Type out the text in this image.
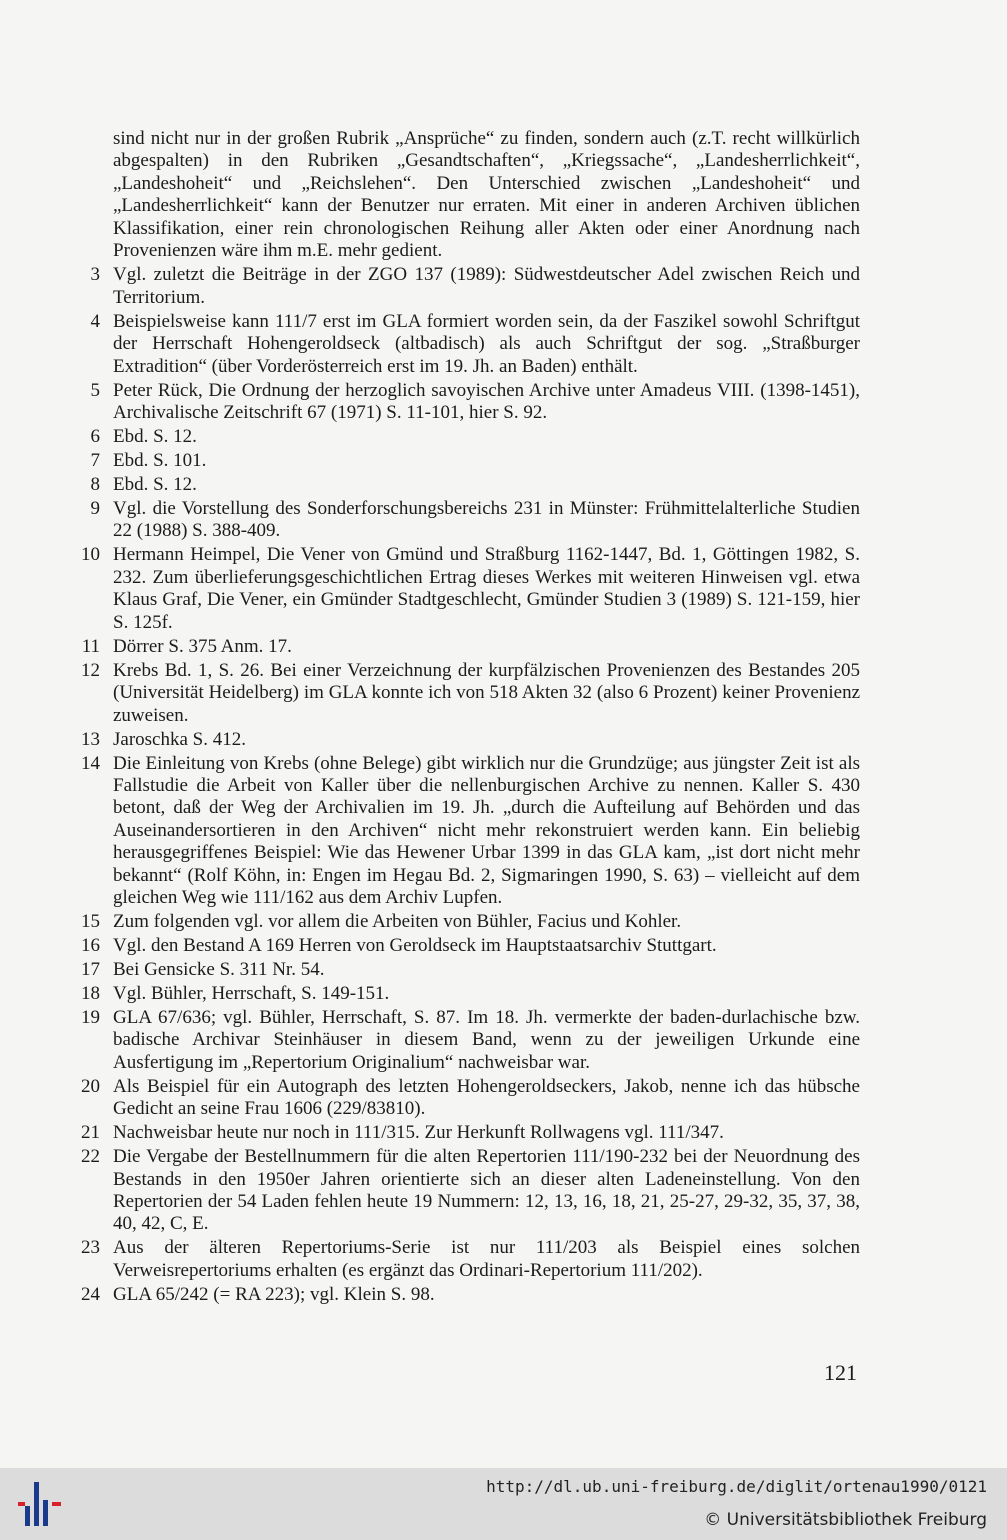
sind nicht nur in der großen Rubrik „Ansprüche“ zu finden, sondern auch (z.T. recht willkürlich abgespalten) in den Rubriken „Gesandtschaften“, „Kriegssache“, „Landesherrlichkeit“, „Landeshoheit“ und „Reichslehen“. Den Unterschied zwischen „Landeshoheit“ und „Landesherrlichkeit“ kann der Benutzer nur erraten. Mit einer in anderen Archiven üblichen Klassifikation, einer rein chronologischen Reihung aller Akten oder einer Anordnung nach Provenienzen wäre ihm m.E. mehr gedient.

3 Vgl. zuletzt die Beiträge in der ZGO 137 (1989): Südwestdeutscher Adel zwischen Reich und Territorium.
4 Beispielsweise kann 111/7 erst im GLA formiert worden sein, da der Faszikel sowohl Schriftgut der Herrschaft Hohengeroldseck (altbadisch) als auch Schriftgut der sog. „Straßburger Extradition“ (über Vorderösterreich erst im 19. Jh. an Baden) enthält.
5 Peter Rück, Die Ordnung der herzoglich savoyischen Archive unter Amadeus VIII. (1398-1451), Archivalische Zeitschrift 67 (1971) S. 11-101, hier S. 92.
6 Ebd. S. 12.
7 Ebd. S. 101.
8 Ebd. S. 12.
9 Vgl. die Vorstellung des Sonderforschungsbereichs 231 in Münster: Frühmittelalterliche Studien 22 (1988) S. 388-409.
10 Hermann Heimpel, Die Vener von Gmünd und Straßburg 1162-1447, Bd. 1, Göttingen 1982, S. 232. Zum überlieferungsgeschichtlichen Ertrag dieses Werkes mit weiteren Hinweisen vgl. etwa Klaus Graf, Die Vener, ein Gmünder Stadtgeschlecht, Gmünder Studien 3 (1989) S. 121-159, hier S. 125f.
11 Dörrer S. 375 Anm. 17.
12 Krebs Bd. 1, S. 26. Bei einer Verzeichnung der kurpfälzischen Provenienzen des Bestandes 205 (Universität Heidelberg) im GLA konnte ich von 518 Akten 32 (also 6 Prozent) keiner Provenienz zuweisen.
13 Jaroschka S. 412.
14 Die Einleitung von Krebs (ohne Belege) gibt wirklich nur die Grundzüge; aus jüngster Zeit ist als Fallstudie die Arbeit von Kaller über die nellenburgischen Archive zu nennen. Kaller S. 430 betont, daß der Weg der Archivalien im 19. Jh. „durch die Aufteilung auf Behörden und das Auseinandersortieren in den Archiven“ nicht mehr rekonstruiert werden kann. Ein beliebig herausgegriffenes Beispiel: Wie das Hewener Urbar 1399 in das GLA kam, „ist dort nicht mehr bekannt“ (Rolf Köhn, in: Engen im Hegau Bd. 2, Sigmaringen 1990, S. 63) – vielleicht auf dem gleichen Weg wie 111/162 aus dem Archiv Lupfen.
15 Zum folgenden vgl. vor allem die Arbeiten von Bühler, Facius und Kohler.
16 Vgl. den Bestand A 169 Herren von Geroldseck im Hauptstaatsarchiv Stuttgart.
17 Bei Gensicke S. 311 Nr. 54.
18 Vgl. Bühler, Herrschaft, S. 149-151.
19 GLA 67/636; vgl. Bühler, Herrschaft, S. 87. Im 18. Jh. vermerkte der baden-durlachische bzw. badische Archivar Steinhäuser in diesem Band, wenn zu der jeweiligen Urkunde eine Ausfertigung im „Repertorium Originalium“ nachweisbar war.
20 Als Beispiel für ein Autograph des letzten Hohengeroldseckers, Jakob, nenne ich das hübsche Gedicht an seine Frau 1606 (229/83810).
21 Nachweisbar heute nur noch in 111/315. Zur Herkunft Rollwagens vgl. 111/347.
22 Die Vergabe der Bestellnummern für die alten Repertorien 111/190-232 bei der Neuordnung des Bestands in den 1950er Jahren orientierte sich an dieser alten Ladeneinstellung. Von den Repertorien der 54 Laden fehlen heute 19 Nummern: 12, 13, 16, 18, 21, 25-27, 29-32, 35, 37, 38, 40, 42, C, E.
23 Aus der älteren Repertoriums-Serie ist nur 111/203 als Beispiel eines solchen Verweisrepertoriums erhalten (es ergänzt das Ordinari-Repertorium 111/202).
24 GLA 65/242 (= RA 223); vgl. Klein S. 98.
121
http://dl.ub.uni-freiburg.de/diglit/ortenau1990/0121
© Universitätsbibliothek Freiburg
